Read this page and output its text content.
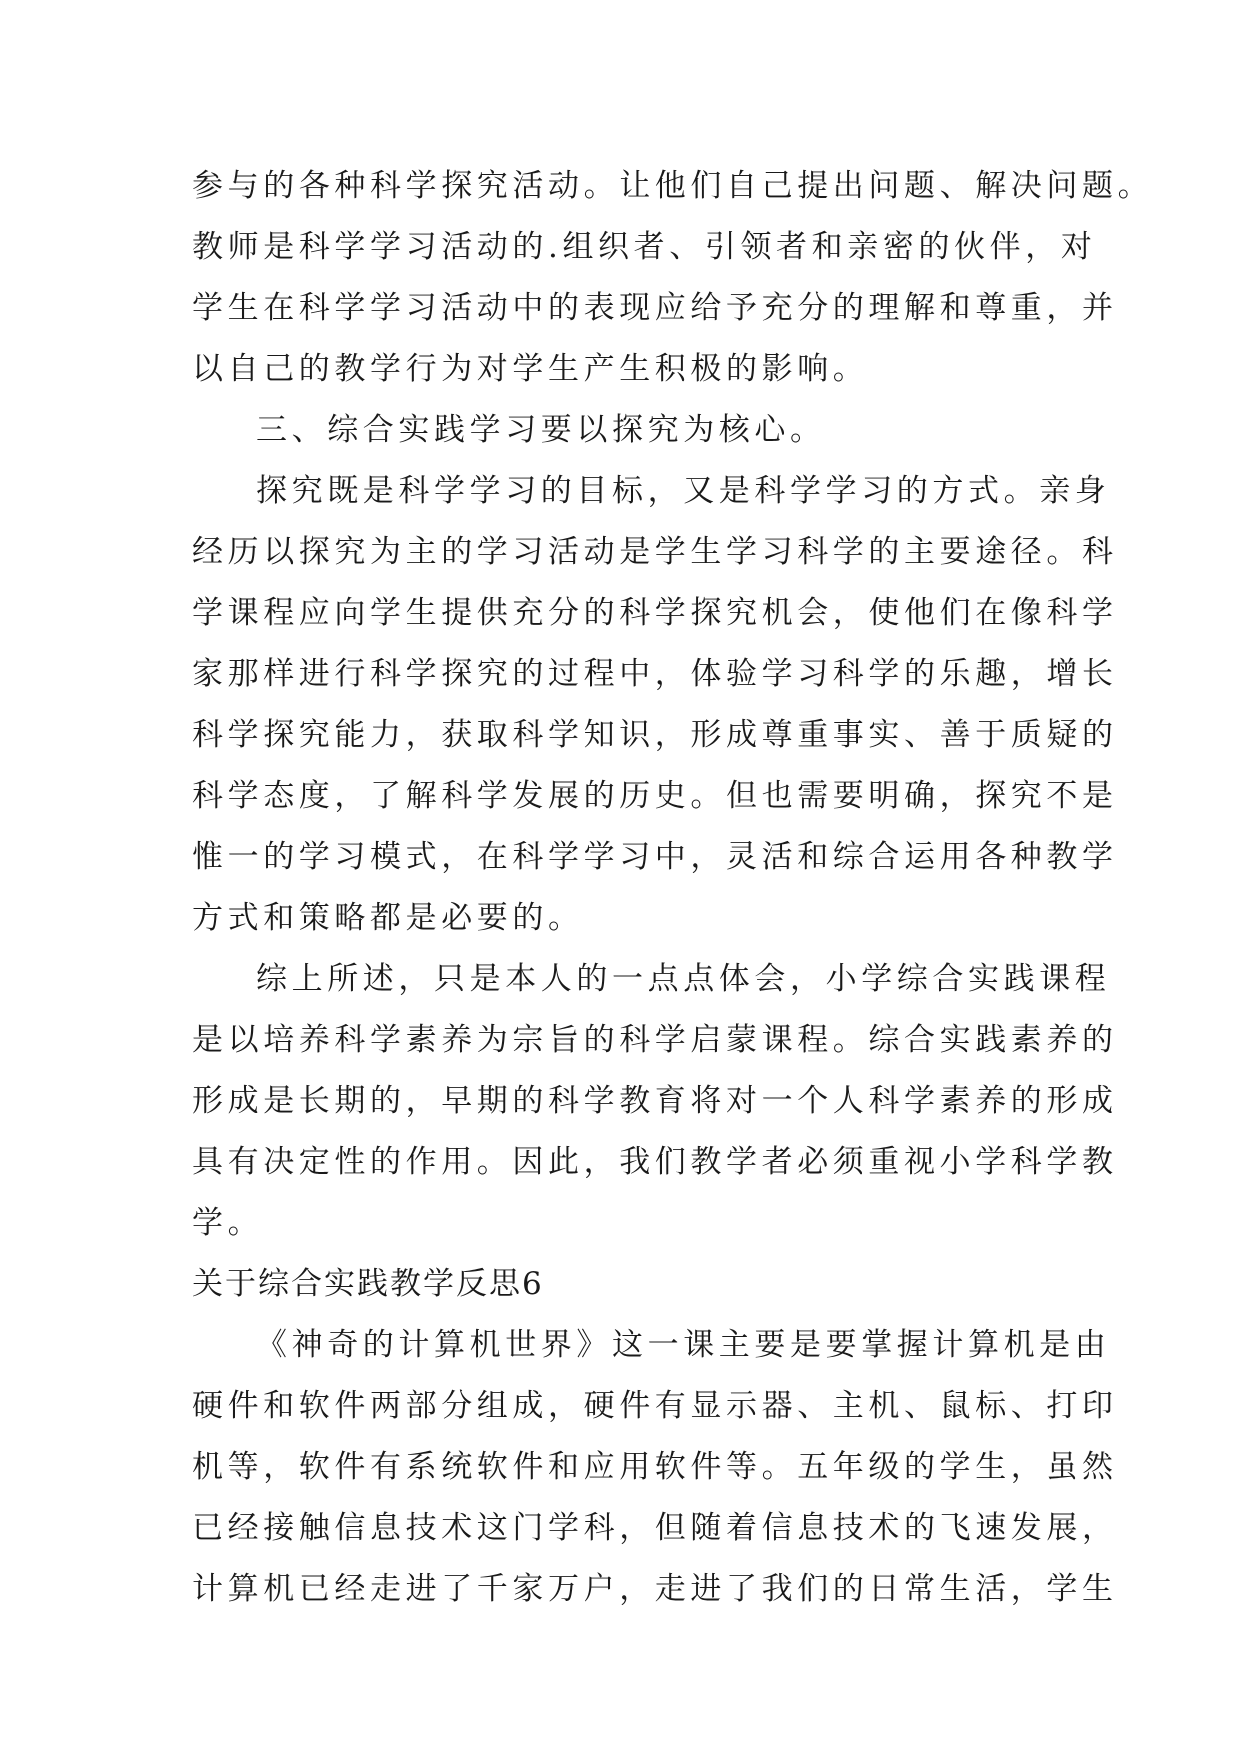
参与的各种科学探究活动。让他们自己提出问题、解决问题。
教师是科学学习活动的.组织者、引领者和亲密的伙伴，对
学生在科学学习活动中的表现应给予充分的理解和尊重，并
以自己的教学行为对学生产生积极的影响。
三、综合实践学习要以探究为核心。
探究既是科学学习的目标，又是科学学习的方式。亲身
经历以探究为主的学习活动是学生学习科学的主要途径。科
学课程应向学生提供充分的科学探究机会，使他们在像科学
家那样进行科学探究的过程中，体验学习科学的乐趣，增长
科学探究能力，获取科学知识，形成尊重事实、善于质疑的
科学态度，了解科学发展的历史。但也需要明确，探究不是
惟一的学习模式，在科学学习中，灵活和综合运用各种教学
方式和策略都是必要的。
综上所述，只是本人的一点点体会，小学综合实践课程
是以培养科学素养为宗旨的科学启蒙课程。综合实践素养的
形成是长期的，早期的科学教育将对一个人科学素养的形成
具有决定性的作用。因此，我们教学者必须重视小学科学教
学。
关于综合实践教学反思6
《神奇的计算机世界》这一课主要是要掌握计算机是由
硬件和软件两部分组成，硬件有显示器、主机、鼠标、打印
机等，软件有系统软件和应用软件等。五年级的学生，虽然
已经接触信息技术这门学科，但随着信息技术的飞速发展，
计算机已经走进了千家万户，走进了我们的日常生活，学生
